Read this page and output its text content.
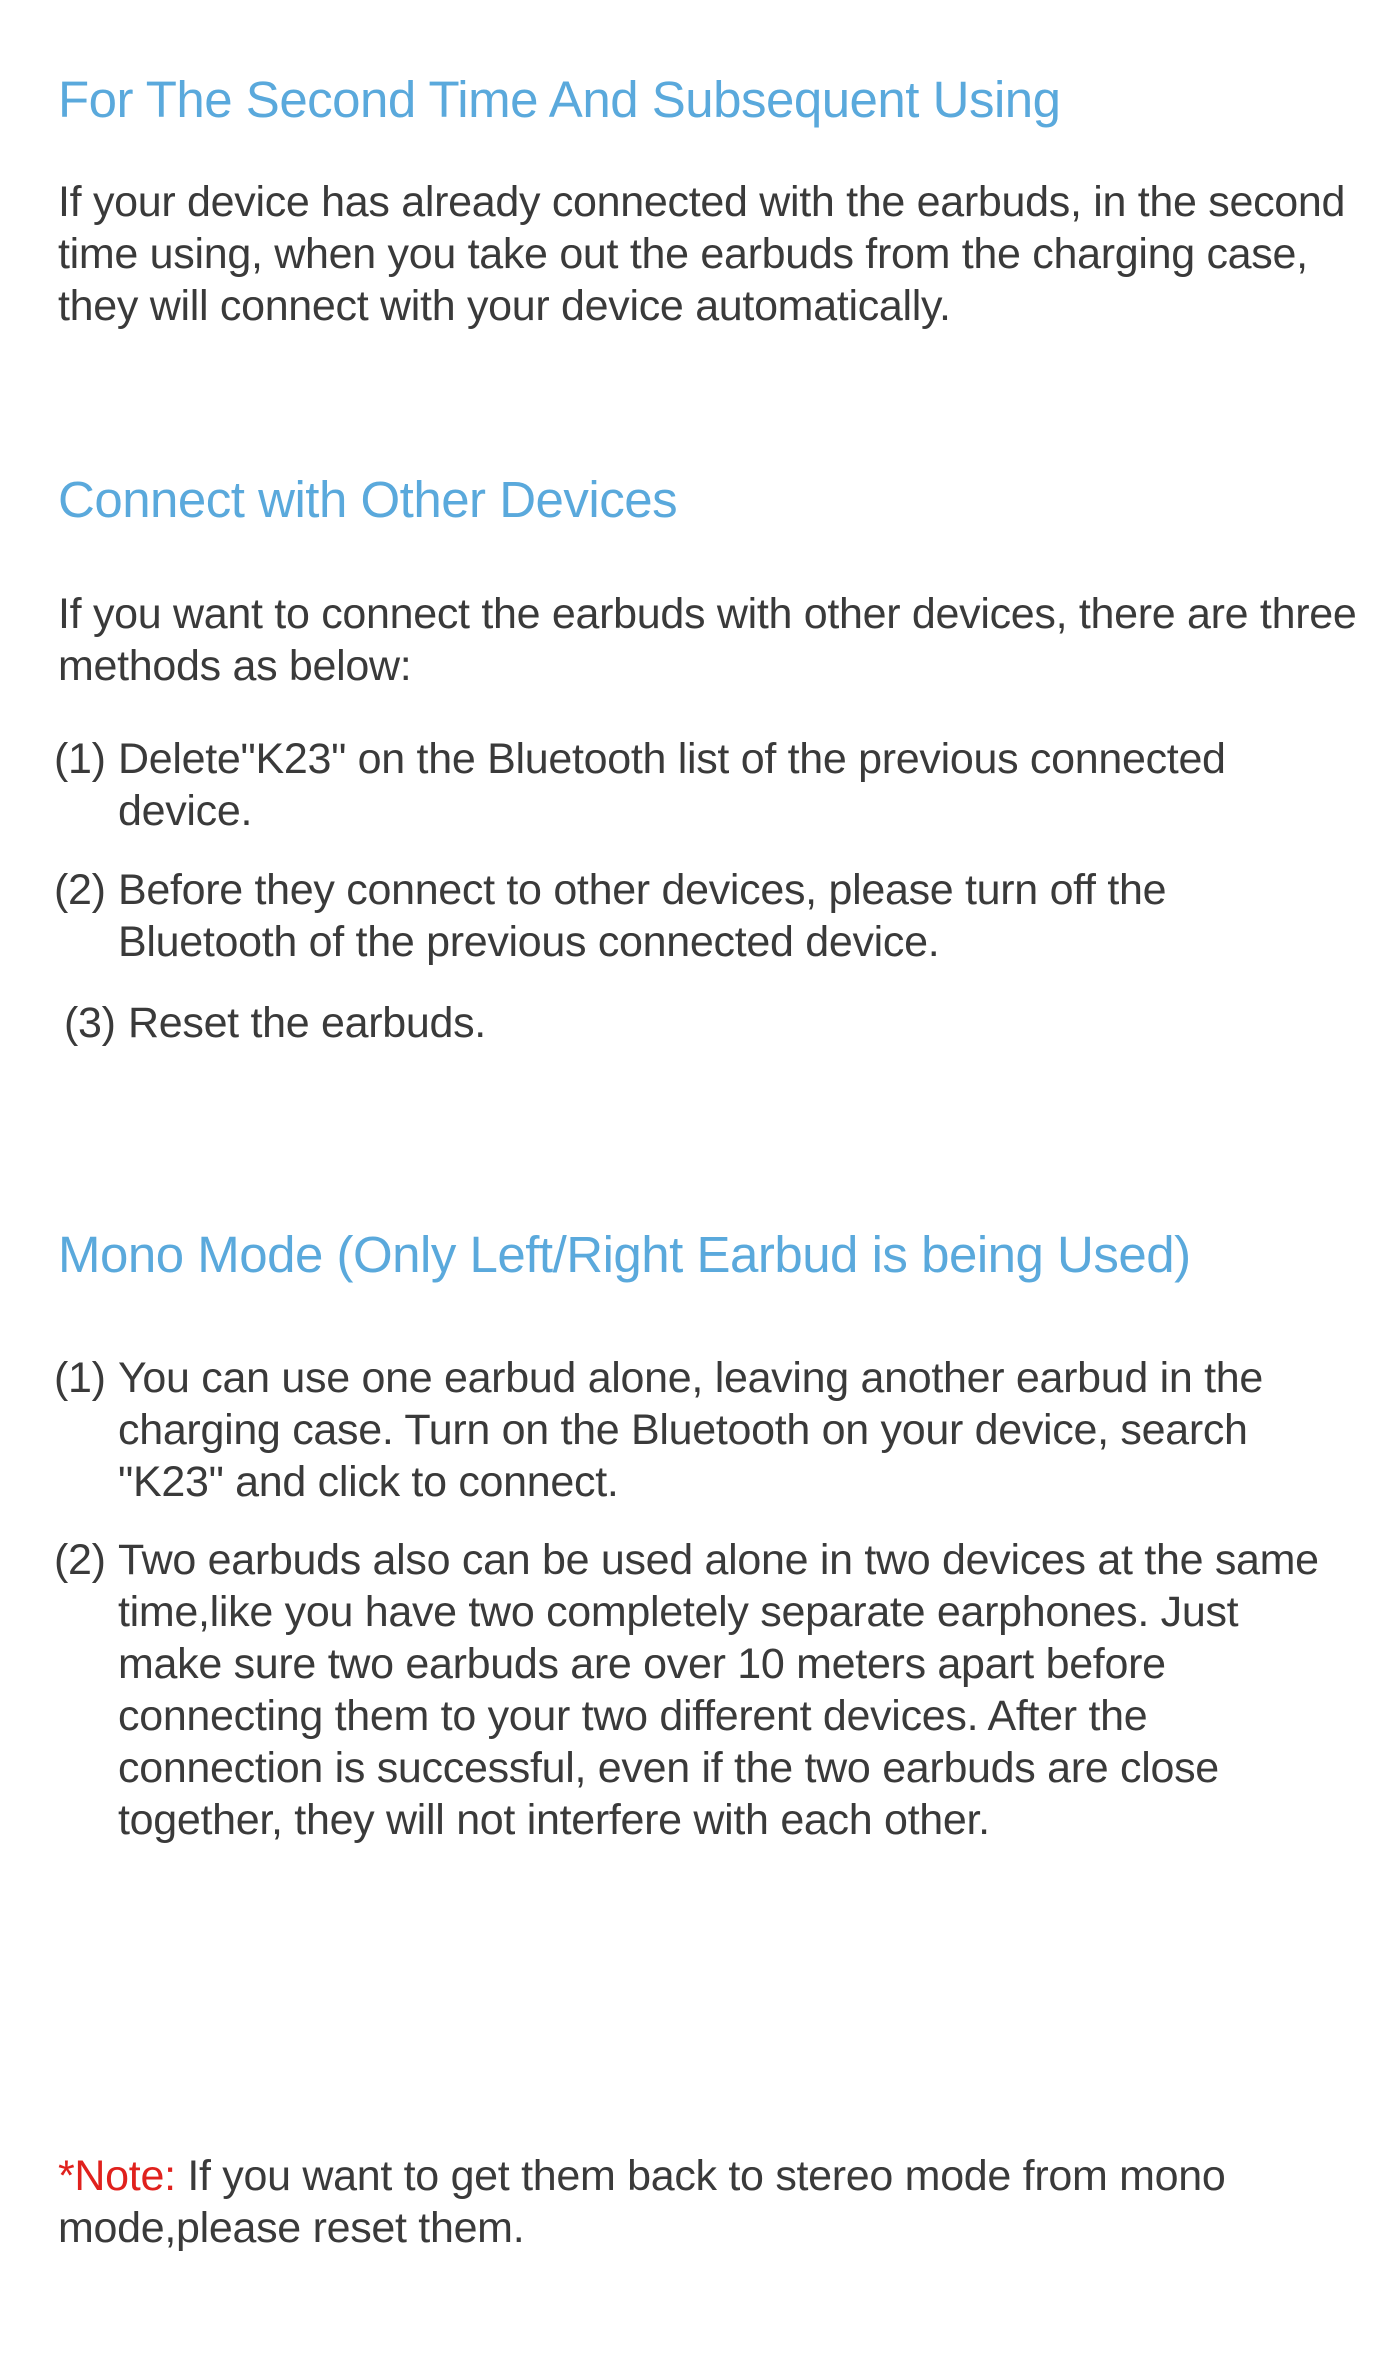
For The Second Time And Subsequent Using

If your device has already connected with the earbuds, in the second time using, when you take out the earbuds from the charging case, they will connect with your device automatically.

Connect with Other Devices

If you want to connect the earbuds with other devices, there are three methods as below:

(1) Delete"K23" on the Bluetooth list of the previous connected device.
(2) Before they connect to other devices, please turn off the Bluetooth of the previous connected device.
(3) Reset the earbuds.
Mono Mode (Only Left/Right Earbud is being Used)
(1) You can use one earbud alone, leaving another earbud in the charging case. Turn on the Bluetooth on your device, search "K23" and click to connect.
(2) Two earbuds also can be used alone in two devices at the same time,like you have two completely separate earphones. Just make sure two earbuds are over 10 meters apart before connecting them to your two different devices. After the connection is successful, even if the two earbuds are close together, they will not interfere with each other.

*Note: If you want to get them back to stereo mode from mono mode,please reset them.
